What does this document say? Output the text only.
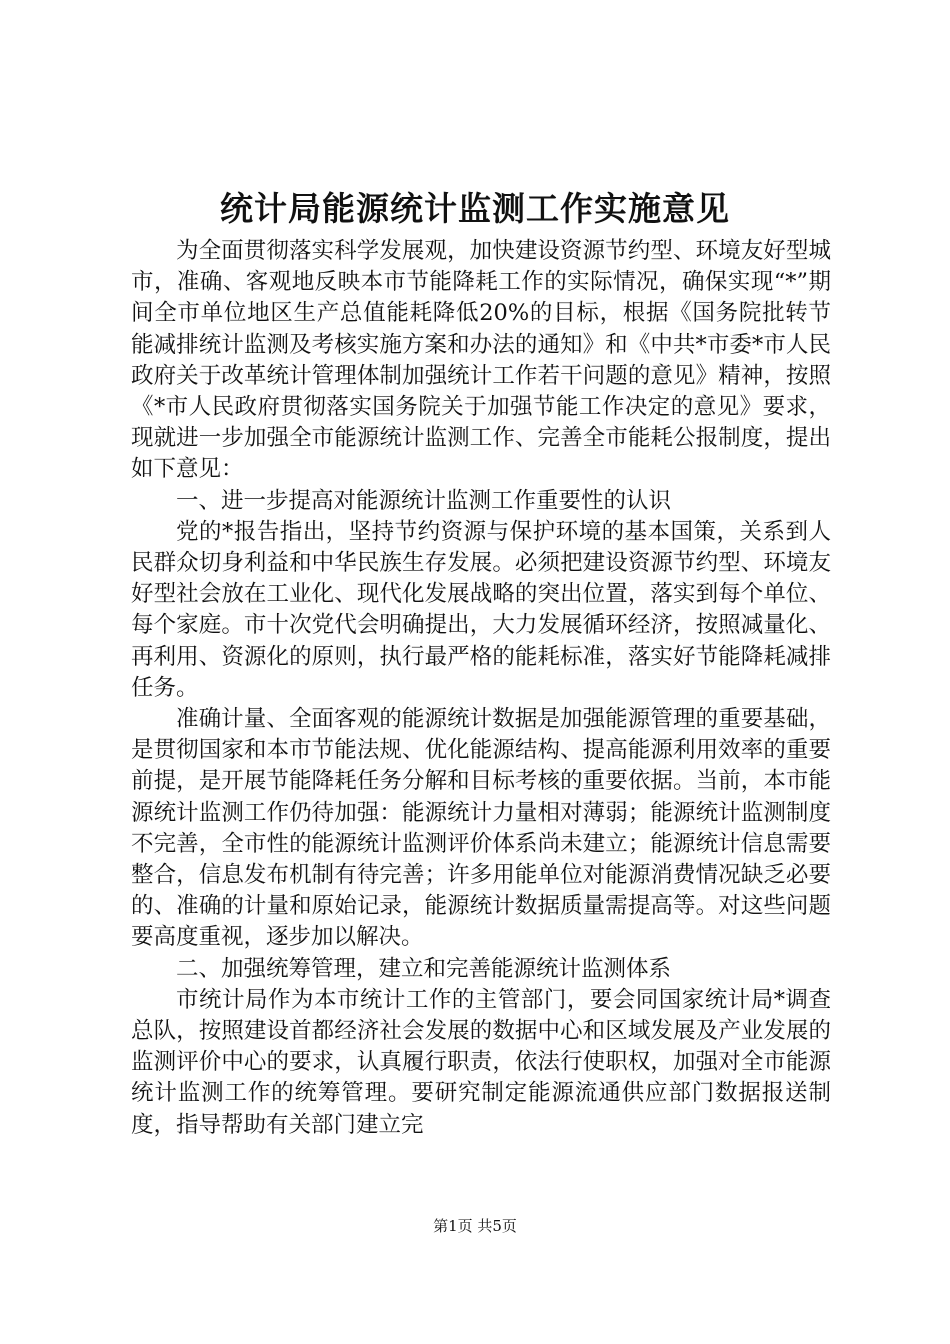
统计局能源统计监测工作实施意见

为全面贯彻落实科学发展观，加快建设资源节约型、环境友好型城市，准确、客观地反映本市节能降耗工作的实际情况，确保实现“*”期间全市单位地区生产总值能耗降低20%的目标，根据《国务院批转节能减排统计监测及考核实施方案和办法的通知》和《中共*市委*市人民政府关于改革统计管理体制加强统计工作若干问题的意见》精神，按照《*市人民政府贯彻落实国务院关于加强节能工作决定的意见》要求，现就进一步加强全市能源统计监测工作、完善全市能耗公报制度，提出如下意见：

一、进一步提高对能源统计监测工作重要性的认识

党的*报告指出，坚持节约资源与保护环境的基本国策，关系到人民群众切身利益和中华民族生存发展。必须把建设资源节约型、环境友好型社会放在工业化、现代化发展战略的突出位置，落实到每个单位、每个家庭。市十次党代会明确提出，大力发展循环经济，按照减量化、再利用、资源化的原则，执行最严格的能耗标准，落实好节能降耗减排任务。

准确计量、全面客观的能源统计数据是加强能源管理的重要基础，是贯彻国家和本市节能法规、优化能源结构、提高能源利用效率的重要前提，是开展节能降耗任务分解和目标考核的重要依据。当前，本市能源统计监测工作仍待加强：能源统计力量相对薄弱；能源统计监测制度不完善，全市性的能源统计监测评价体系尚未建立；能源统计信息需要整合，信息发布机制有待完善；许多用能单位对能源消费情况缺乏必要的、准确的计量和原始记录，能源统计数据质量需提高等。对这些问题要高度重视，逐步加以解决。

二、加强统筹管理，建立和完善能源统计监测体系

市统计局作为本市统计工作的主管部门，要会同国家统计局*调查总队，按照建设首都经济社会发展的数据中心和区域发展及产业发展的监测评价中心的要求，认真履行职责，依法行使职权，加强对全市能源统计监测工作的统筹管理。要研究制定能源流通供应部门数据报送制度，指导帮助有关部门建立完

第1页 共5页
